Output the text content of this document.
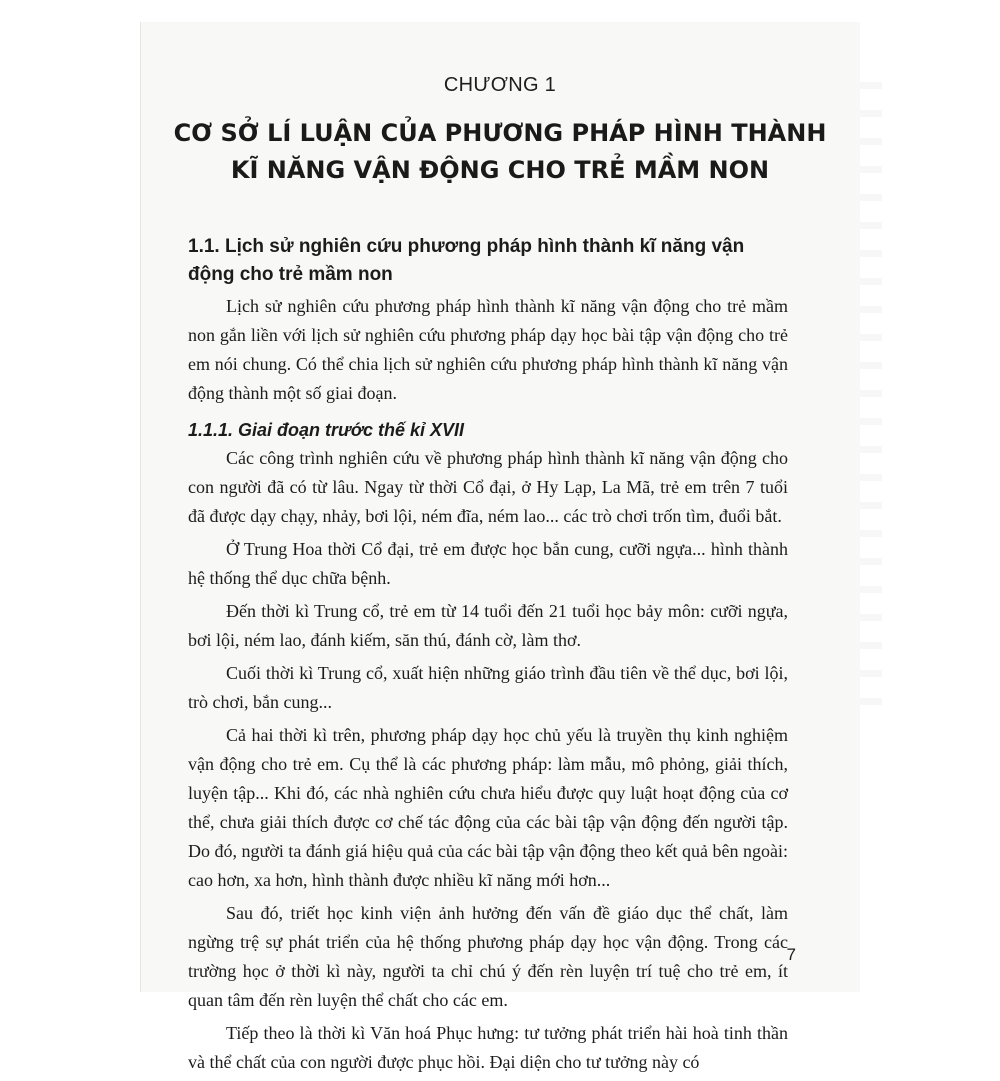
CHƯƠNG 1
CƠ SỞ LÍ LUẬN CỦA PHƯƠNG PHÁP HÌNH THÀNH
KĨ NĂNG VẬN ĐỘNG CHO TRẺ MẦM NON
1.1. Lịch sử nghiên cứu phương pháp hình thành kĩ năng vận động cho trẻ mầm non

Lịch sử nghiên cứu phương pháp hình thành kĩ năng vận động cho trẻ mầm non gắn liền với lịch sử nghiên cứu phương pháp dạy học bài tập vận động cho trẻ em nói chung. Có thể chia lịch sử nghiên cứu phương pháp hình thành kĩ năng vận động thành một số giai đoạn.

1.1.1. Giai đoạn trước thế kỉ XVII

Các công trình nghiên cứu về phương pháp hình thành kĩ năng vận động cho con người đã có từ lâu. Ngay từ thời Cổ đại, ở Hy Lạp, La Mã, trẻ em trên 7 tuổi đã được dạy chạy, nhảy, bơi lội, ném đĩa, ném lao... các trò chơi trốn tìm, đuổi bắt.

Ở Trung Hoa thời Cổ đại, trẻ em được học bắn cung, cưỡi ngựa... hình thành hệ thống thể dục chữa bệnh.

Đến thời kì Trung cổ, trẻ em từ 14 tuổi đến 21 tuổi học bảy môn: cưỡi ngựa, bơi lội, ném lao, đánh kiếm, săn thú, đánh cờ, làm thơ.

Cuối thời kì Trung cổ, xuất hiện những giáo trình đầu tiên về thể dục, bơi lội, trò chơi, bắn cung...

Cả hai thời kì trên, phương pháp dạy học chủ yếu là truyền thụ kinh nghiệm vận động cho trẻ em. Cụ thể là các phương pháp: làm mẫu, mô phỏng, giải thích, luyện tập... Khi đó, các nhà nghiên cứu chưa hiểu được quy luật hoạt động của cơ thể, chưa giải thích được cơ chế tác động của các bài tập vận động đến người tập. Do đó, người ta đánh giá hiệu quả của các bài tập vận động theo kết quả bên ngoài: cao hơn, xa hơn, hình thành được nhiều kĩ năng mới hơn...

Sau đó, triết học kinh viện ảnh hưởng đến vấn đề giáo dục thể chất, làm ngừng trệ sự phát triển của hệ thống phương pháp dạy học vận động. Trong các trường học ở thời kì này, người ta chỉ chú ý đến rèn luyện trí tuệ cho trẻ em, ít quan tâm đến rèn luyện thể chất cho các em.

Tiếp theo là thời kì Văn hoá Phục hưng: tư tưởng phát triển hài hoà tinh thần và thể chất của con người được phục hồi. Đại diện cho tư tưởng này có

7
